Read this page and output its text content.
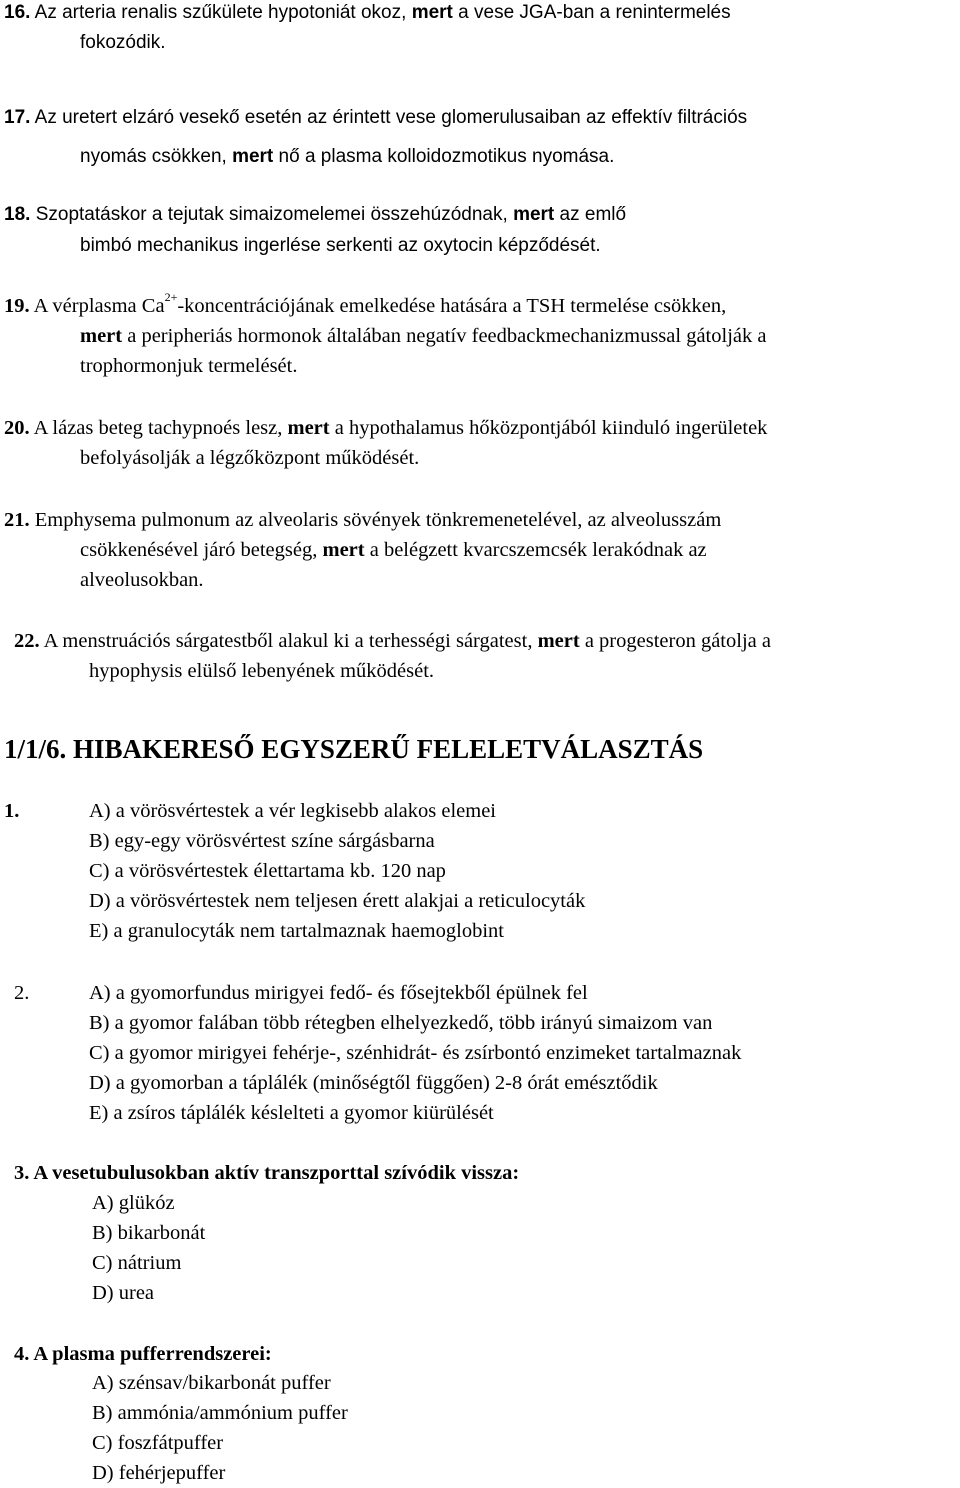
16. Az arteria renalis szűkülete hypotoniát okoz, mert a vese JGA-ban a renintermelés
fokozódik.
17. Az uretert elzáró vesekő esetén az érintett vese glomerulusaiban az effektív filtrációs
nyomás csökken, mert nő a plasma kolloidozmotikus nyomása.
18. Szoptatáskor a tejutak simaizomelemei összehúzódnak, mert az emlő
bimbó mechanikus ingerlése serkenti az oxytocin képződését.
19. A vérplasma $Ca^{2+}$-koncentrációjának emelkedése hatására a TSH termelése csökken,
mert a peripheriás hormonok általában negatív feedbackmechanizmussal gátolják a
trophormonjuk termelését.
20. A lázas beteg tachypnoés lesz, mert a hypothalamus hőközpontjából kiinduló ingerületek
befolyásolják a légzőközpont működését.
21. Emphysema pulmonum az alveolaris sövények tönkremenetelével, az alveolusszám
csökkenésével járó betegség, mert a belégzett kvarcszemcsék lerakódnak az
alveolusokban.
22. A menstruációs sárgatestből alakul ki a terhességi sárgatest, mert a progesteron gátolja a
hypophysis elülső lebenyének működését.
1/1/6. HIBAKERESŐ EGYSZERŰ FELELETVÁLASZTÁS
1.	A) a vörösvértestek a vér legkisebb alakos elemei
B) egy-egy vörösvértest színe sárgásbarna
C) a vörösvértestek élettartama kb. 120 nap
D) a vörösvértestek nem teljesen érett alakjai a reticulocyták
E) a granulocyták nem tartalmaznak haemoglobint
2.	A) a gyomorfundus mirigyei fedő- és fősejtekből épülnek fel
B) a gyomor falában több rétegben elhelyezkedő, több irányú simaizom van
C) a gyomor mirigyei fehérje-, szénhidrát- és zsírbontó enzimeket tartalmaznak
D) a gyomorban a táplálék (minőségtől függően) 2-8 órát emésztődik
E) a zsíros táplálék késlelteti a gyomor kiürülését
3. A vesetubulusokban aktív transzporttal szívódik vissza:
A) glükóz
B) bikarbonát
C) nátrium
D) urea
4. A plasma pufferrendszerei:
A) szénsav/bikarbonát puffer
B) ammónia/ammónium puffer
C) foszfátpuffer
D) fehérjepuffer
